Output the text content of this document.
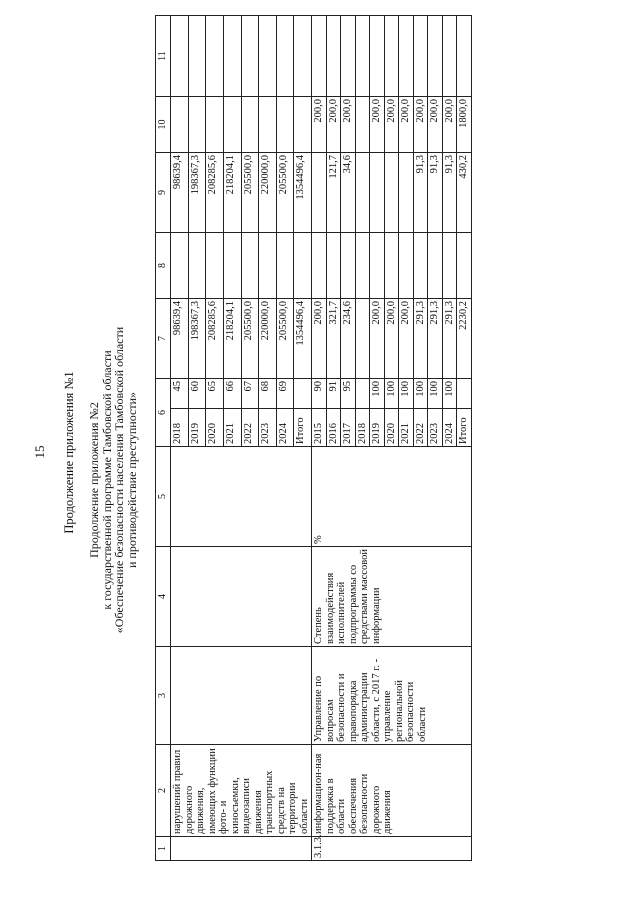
15 Продолжение приложения №1 Продолжение приложения №2
к государственной программе Тамбовской области
«Обеспечение безопасности населения Тамбовской области
и противодействие преступности»
1	2	3	4	5	6		7	8	9	10	11
	нарушений правил дорожного движения, имеющих функции фото- и киносъемки, видеозаписи движения транспортных средств на территории области				2018	45	98639,4		98639,4		
					2019	60	198367,3		198367,3		
					2020	65	208285,6		208285,6		
					2021	66	218204,1		218204,1		
					2022	67	205500,0		205500,0		
					2023	68	220000,0		220000,0		
					2024	69	205500,0		205500,0		
					Итого		1354496,4		1354496,4		
3.1.3.	информацион-ная поддержка в области обеспечения безопасности дорожного движения	Управление по вопросам безопасности и правопорядка администрации области, с 2017 г. - управление региональной безопасности области	Степень взаимодействия исполнителей подпрограммы со средствами массовой информации	%	2015	90	200,0			200,0	
					2016	91	321,7		121,7	200,0	
					2017	95	234,6		34,6	200,0	
					2018						
					2019	100	200,0			200,0	
					2020	100	200,0			200,0	
					2021	100	200,0			200,0	
					2022	100	291,3		91,3	200,0	
					2023	100	291,3		91,3	200,0	
					2024	100	291,3		91,3	200,0	
					Итого		2230,2		430,2	1800,0	
